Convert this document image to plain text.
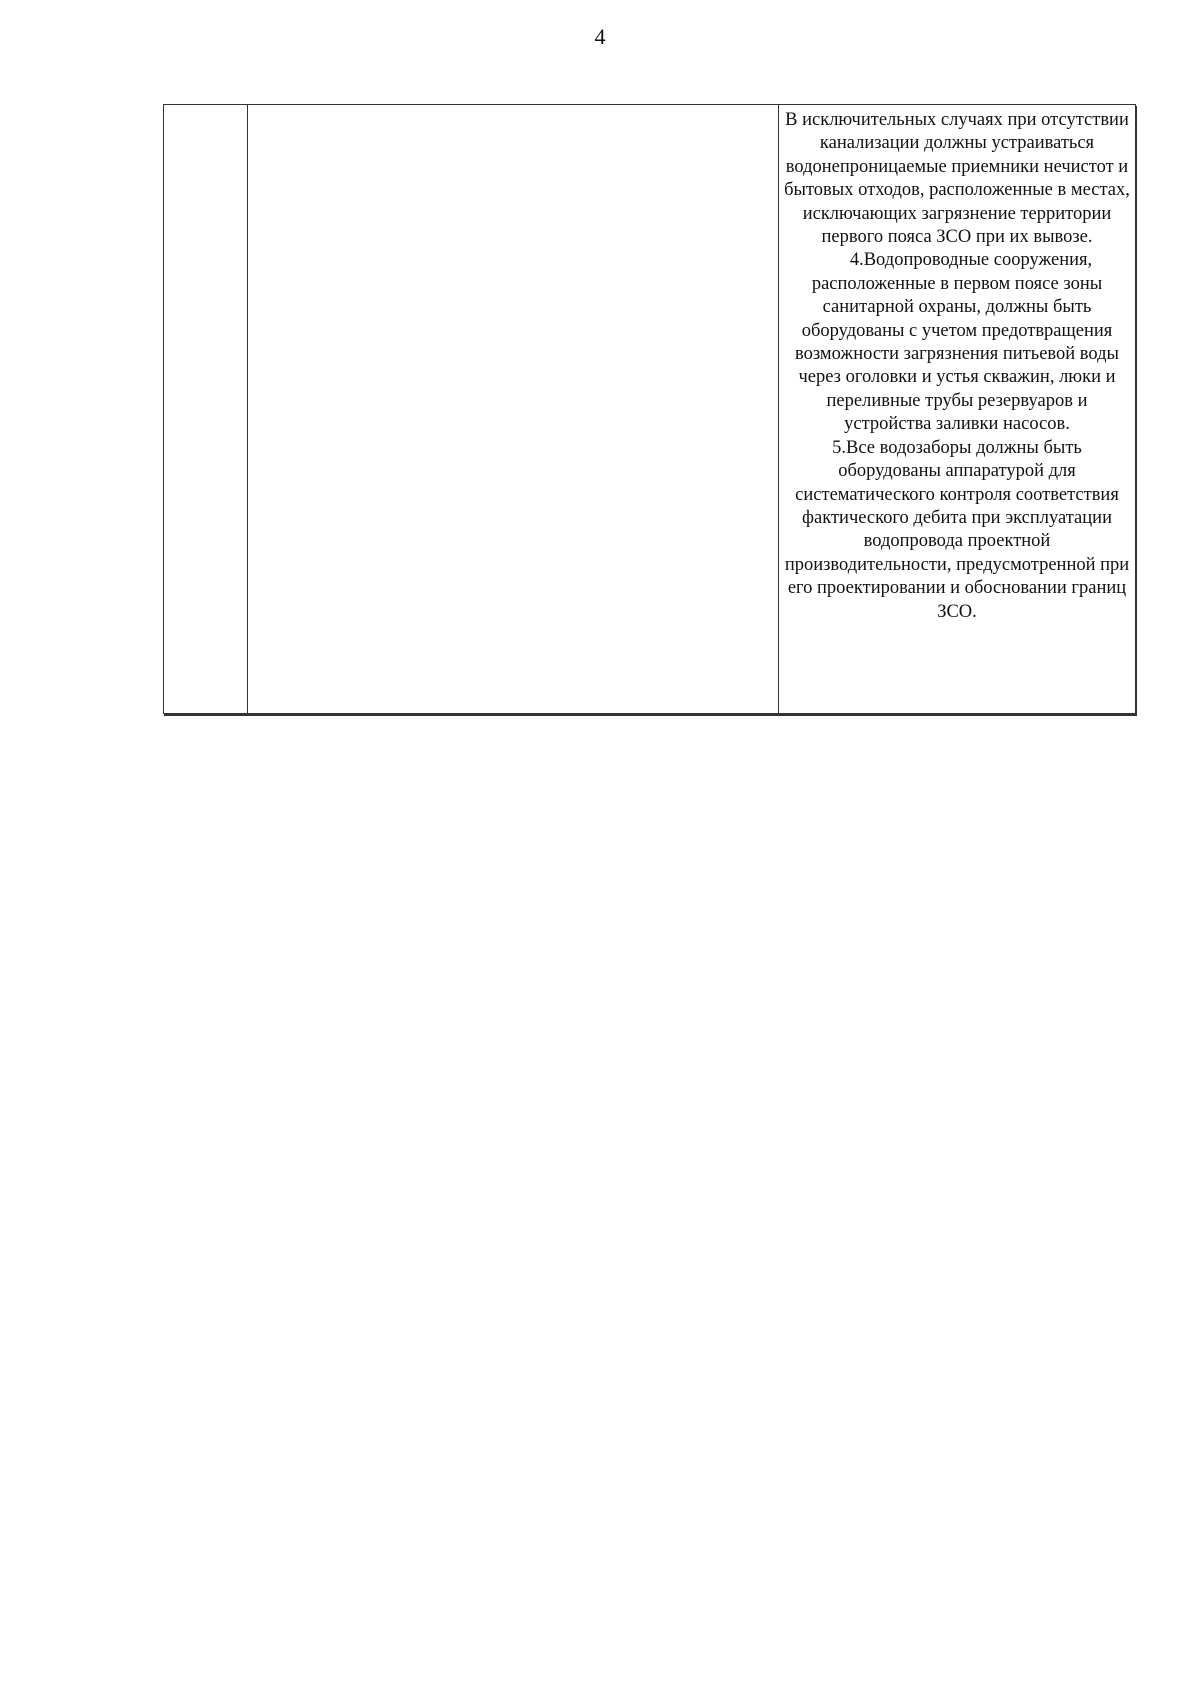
4

В исключительных случаях при отсутствии канализации должны устраиваться водонепроницаемые приемники нечистот и бытовых отходов, расположенные в местах, исключающих загрязнение территории первого пояса ЗСО при их вывозе.

4.Водопроводные сооружения, расположенные в первом поясе зоны санитарной охраны, должны быть оборудованы с учетом предотвращения возможности загрязнения питьевой воды через оголовки и устья скважин, люки и переливные трубы резервуаров и устройства заливки насосов.

5.Все водозаборы должны быть оборудованы аппаратурой для систематического контроля соответствия фактического дебита при эксплуатации водопровода проектной производительности, предусмотренной при его проектировании и обосновании границ ЗСО.
